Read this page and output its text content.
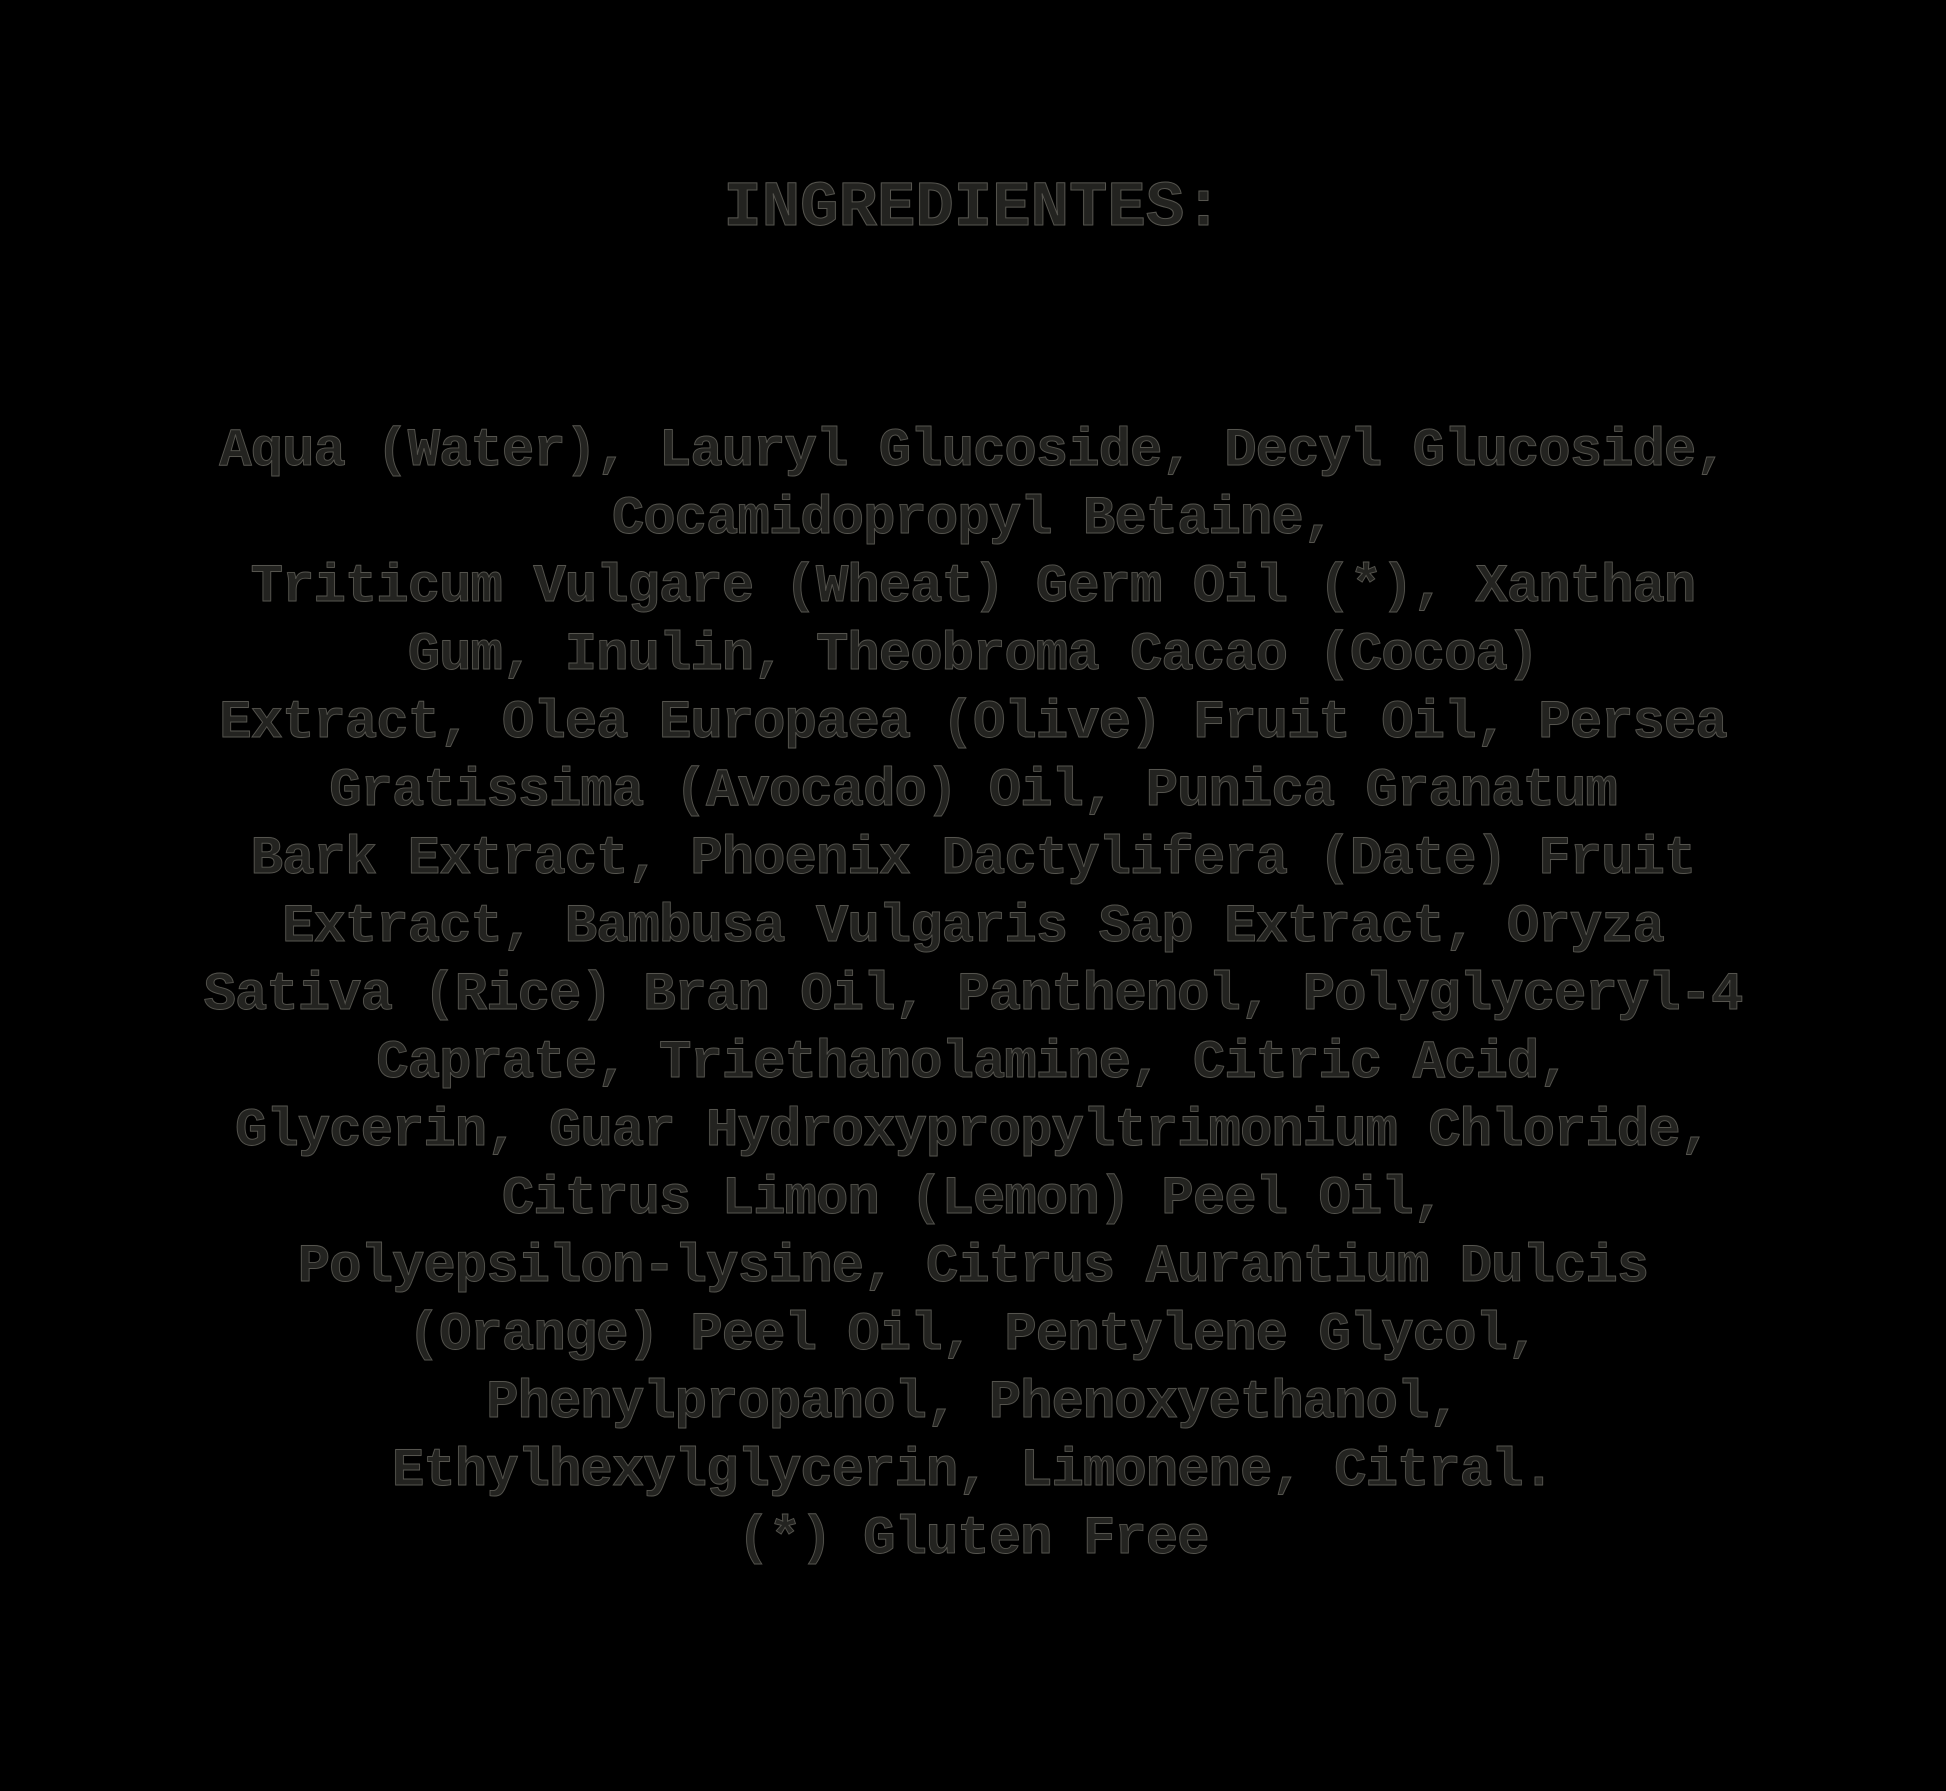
INGREDIENTES:

Aqua (Water), Lauryl Glucoside, Decyl Glucoside,

Cocamidopropyl Betaine,

Triticum Vulgare (Wheat) Germ Oil (*), Xanthan

Gum, Inulin, Theobroma Cacao (Cocoa)

Extract, Olea Europaea (Olive) Fruit Oil, Persea

Gratissima (Avocado) Oil, Punica Granatum

Bark Extract, Phoenix Dactylifera (Date) Fruit

Extract, Bambusa Vulgaris Sap Extract, Oryza

Sativa (Rice) Bran Oil, Panthenol, Polyglyceryl-4

Caprate, Triethanolamine, Citric Acid,

Glycerin, Guar Hydroxypropyltrimonium Chloride,

Citrus Limon (Lemon) Peel Oil,

Polyepsilon-lysine, Citrus Aurantium Dulcis

(Orange) Peel Oil, Pentylene Glycol,

Phenylpropanol, Phenoxyethanol,

Ethylhexylglycerin, Limonene, Citral.

(*) Gluten Free
